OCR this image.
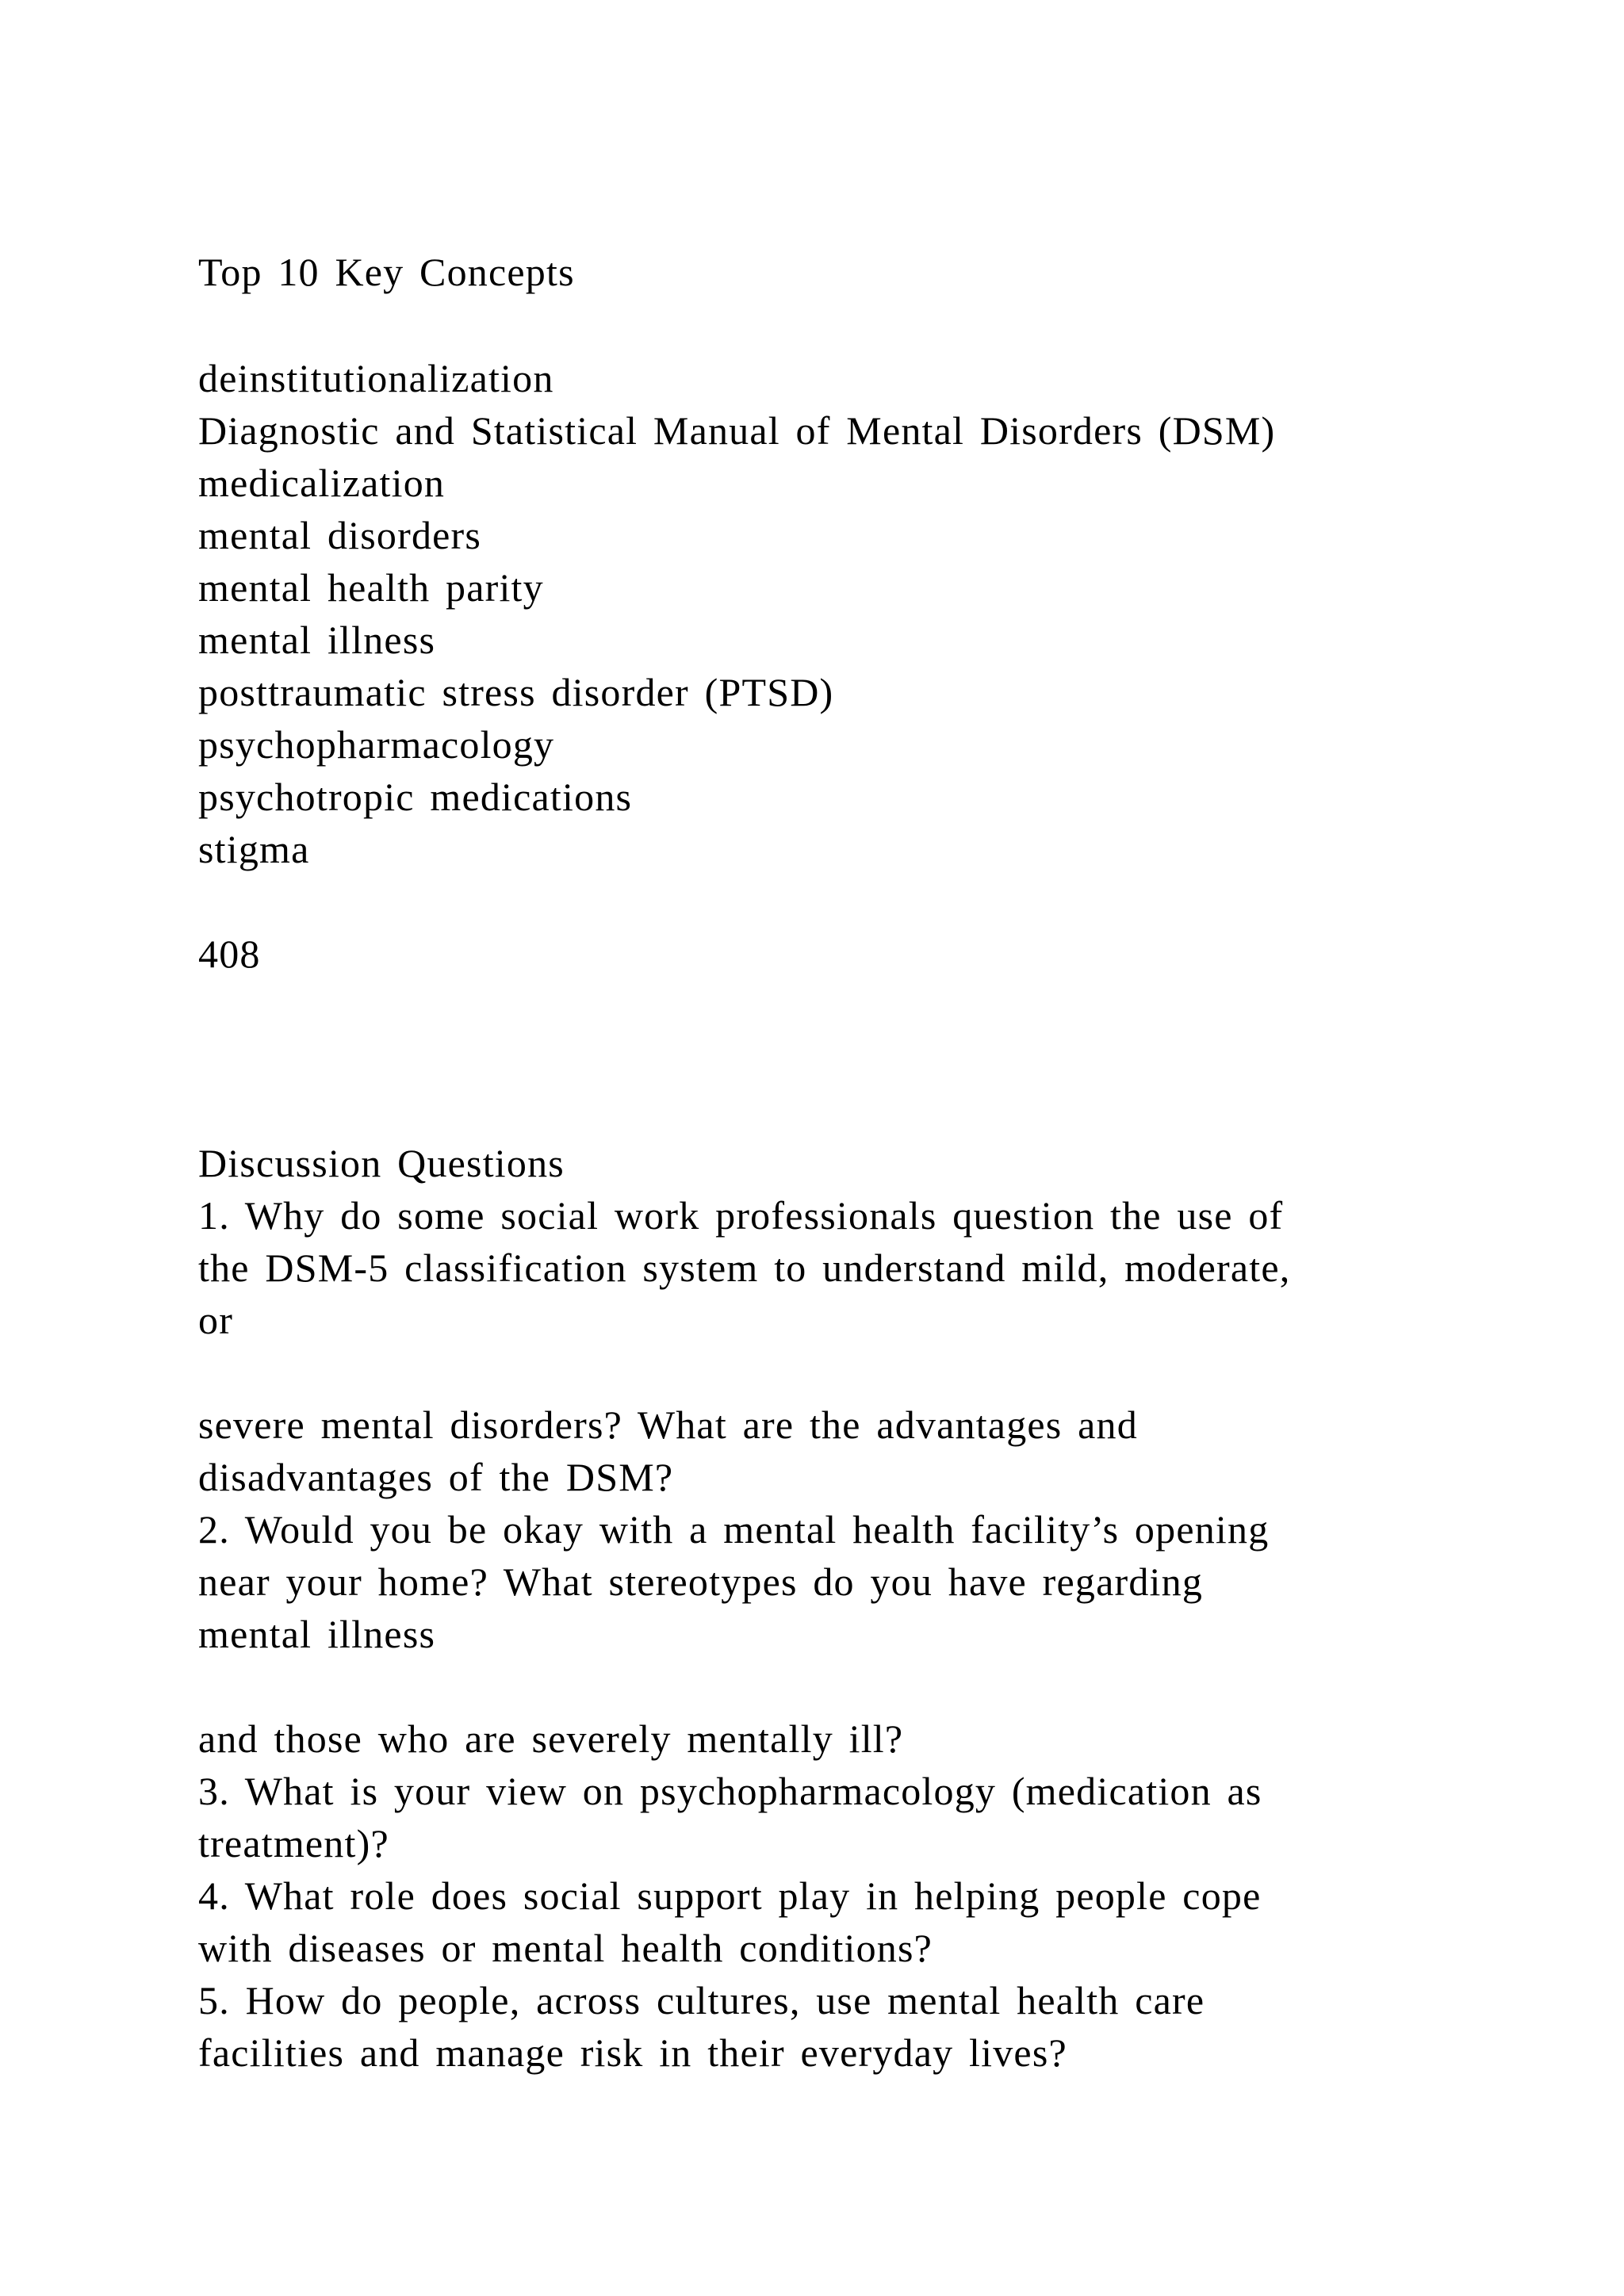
Top 10 Key Concepts
deinstitutionalization
Diagnostic and Statistical Manual of Mental Disorders (DSM)
medicalization
mental disorders
mental health parity
mental illness
posttraumatic stress disorder (PTSD)
psychopharmacology
psychotropic medications
stigma
408
Discussion Questions
1. Why do some social work professionals question the use of
the DSM-5 classification system to understand mild, moderate,
or
severe mental disorders? What are the advantages and
disadvantages of the DSM?
2. Would you be okay with a mental health facility’s opening
near your home? What stereotypes do you have regarding
mental illness
and those who are severely mentally ill?
3. What is your view on psychopharmacology (medication as
treatment)?
4. What role does social support play in helping people cope
with diseases or mental health conditions?
5. How do people, across cultures, use mental health care
facilities and manage risk in their everyday lives?
